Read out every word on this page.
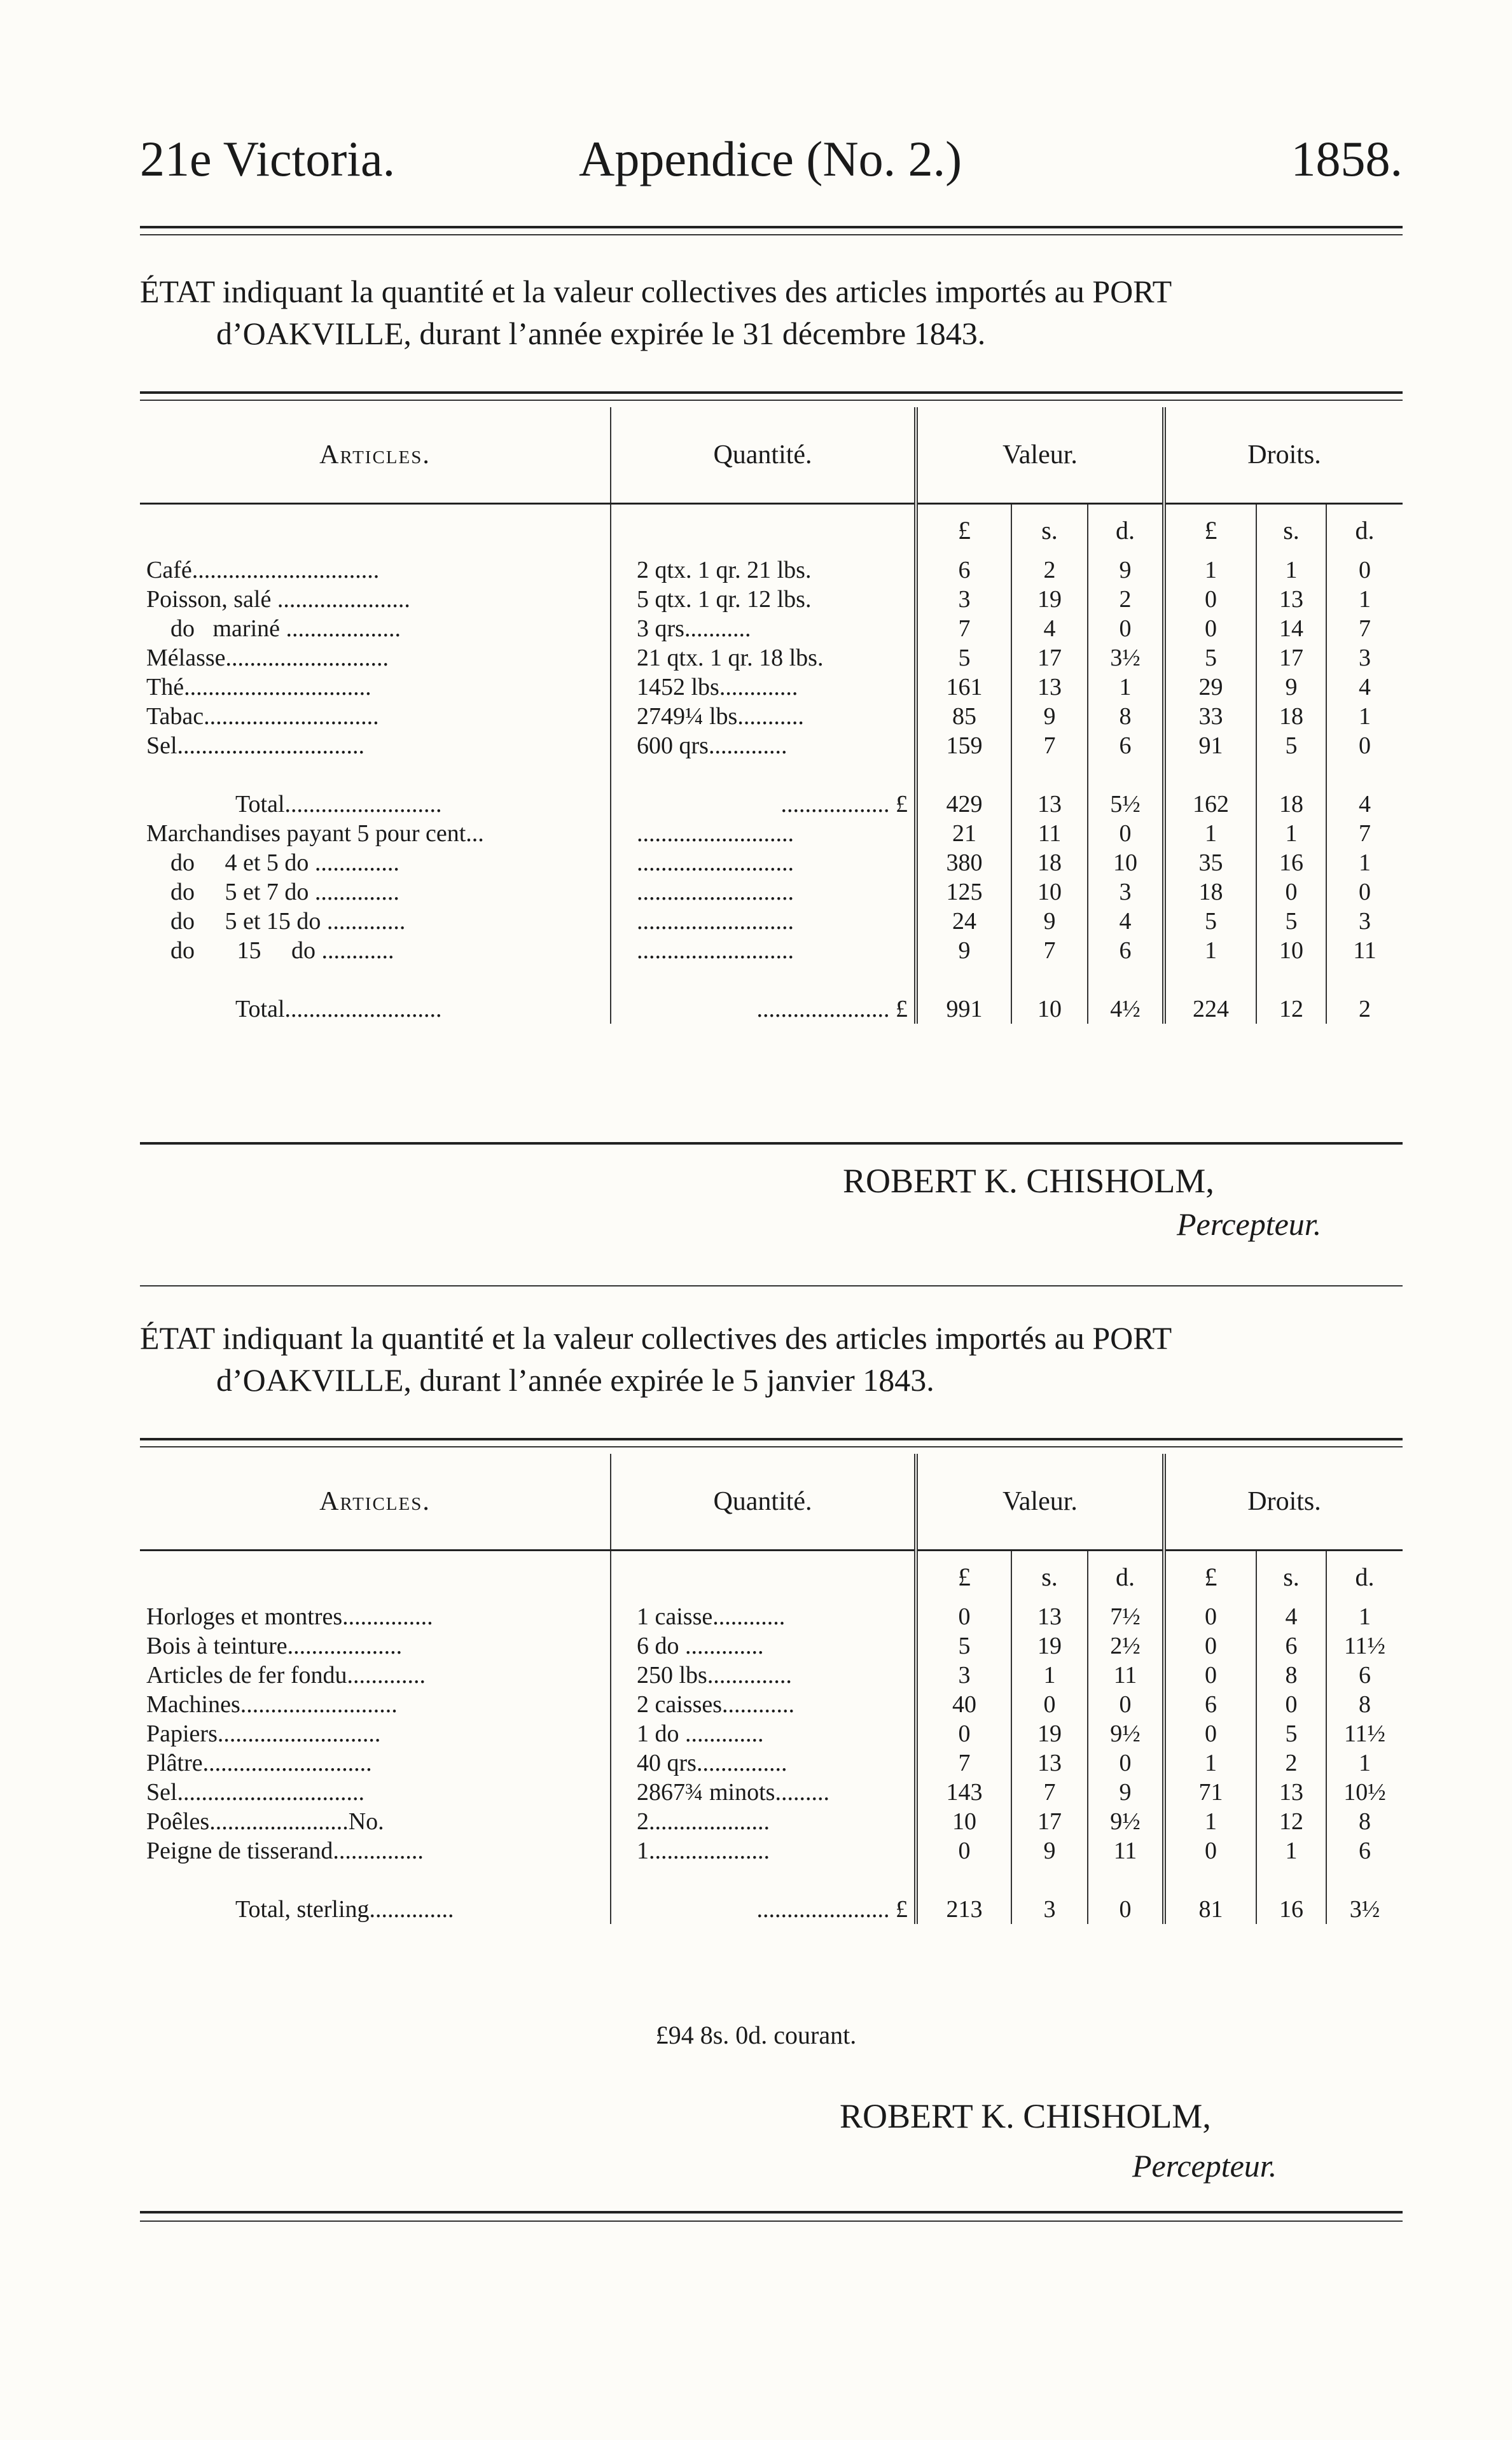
21e Victoria.	Appendice (No. 2.)	1858.
ÉTAT indiquant la quantité et la valeur collectives des articles importés au PORT
d’OAKVILLE, durant l’année expirée le 31 décembre 1843.
Articles.	Quantité.	Valeur.			Droits.		
		£	s.	d.	£	s.	d.
Café...............................	2 qtx. 1 qr. 21 lbs.	6	2	9	1	1	0
Poisson, salé ......................	5 qtx. 1 qr. 12 lbs.	3	19	2	0	13	1
do   mariné ...................	3 qrs...........	7	4	0	0	14	7
Mélasse...........................	21 qtx. 1 qr. 18 lbs.	5	17	3½	5	17	3
Thé...............................	1452 lbs.............	161	13	1	29	9	4
Tabac.............................	2749¼ lbs...........	85	9	8	33	18	1
Sel...............................	600 qrs.............	159	7	6	91	5	0

Total..........................	.................. £	429	13	5½	162	18	4
Marchandises payant 5 pour cent...	..........................	21	11	0	1	1	7
do     4 et 5 do ..............	..........................	380	18	10	35	16	1
do     5 et 7 do ..............	..........................	125	10	3	18	0	0
do     5 et 15 do .............	..........................	24	9	4	5	5	3
do       15     do ............	..........................	9	7	6	1	10	11

Total..........................	...................... £	991	10	4½	224	12	2
ROBERT K. CHISHOLM,
Percepteur.
ÉTAT indiquant la quantité et la valeur collectives des articles importés au PORT
d’OAKVILLE, durant l’année expirée le 5 janvier 1843.
Articles.	Quantité.	Valeur.			Droits.		
		£	s.	d.	£	s.	d.
Horloges et montres...............	1 caisse............	0	13	7½	0	4	1
Bois à teinture...................	6 do .............	5	19	2½	0	6	11½
Articles de fer fondu.............	250 lbs..............	3	1	11	0	8	6
Machines..........................	2 caisses............	40	0	0	6	0	8
Papiers...........................	1 do .............	0	19	9½	0	5	11½
Plâtre............................	40 qrs...............	7	13	0	1	2	1
Sel...............................	2867¾ minots.........	143	7	9	71	13	10½
Poêles.......................No.	2....................	10	17	9½	1	12	8
Peigne de tisserand...............	1....................	0	9	11	0	1	6

Total, sterling..............	...................... £	213	3	0	81	16	3½
£94 8s. 0d. courant.
ROBERT K. CHISHOLM,
Percepteur.
